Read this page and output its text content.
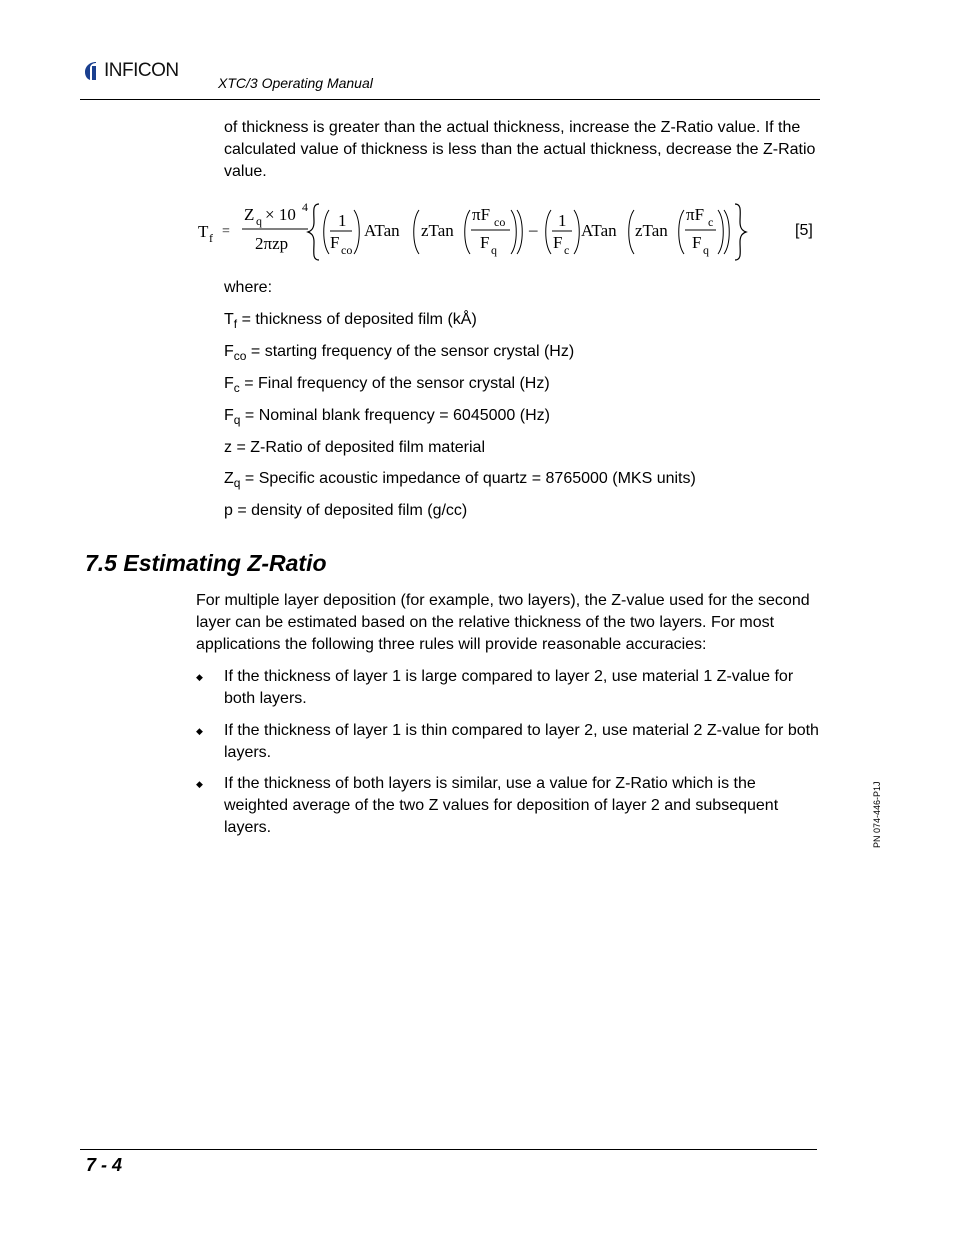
INFICON
XTC/3 Operating Manual
of thickness is greater than the actual thickness, increase the Z-Ratio value. If the calculated value of thickness is less than the actual thickness, decrease the Z-Ratio value.
T f =
Z q × 10 4
2πzp
1
F co
ATan zTan
πF co
F q
– 1
F c
ATan zTan
πF c
F q
[5]
where:
$T_f$ = thickness of deposited film (kÅ)
$F_{co}$ = starting frequency of the sensor crystal (Hz)
$F_c$ = Final frequency of the sensor crystal (Hz)
$F_q$ = Nominal blank frequency = 6045000 (Hz)
z = Z-Ratio of deposited film material
$Z_q$ = Specific acoustic impedance of quartz = 8765000 (MKS units)
p = density of deposited film (g/cc)
7.5 Estimating Z-Ratio
For multiple layer deposition (for example, two layers), the Z-value used for the second layer can be estimated based on the relative thickness of the two layers. For most applications the following three rules will provide reasonable accuracies:
◆	If the thickness of layer 1 is large compared to layer 2, use material 1 Z-value for both layers.
◆	If the thickness of layer 1 is thin compared to layer 2, use material 2 Z-value for both layers.
◆	If the thickness of both layers is similar, use a value for Z-Ratio which is the weighted average of the two Z values for deposition of layer 2 and subsequent layers.	PN 074-446-P1J
7 - 4
